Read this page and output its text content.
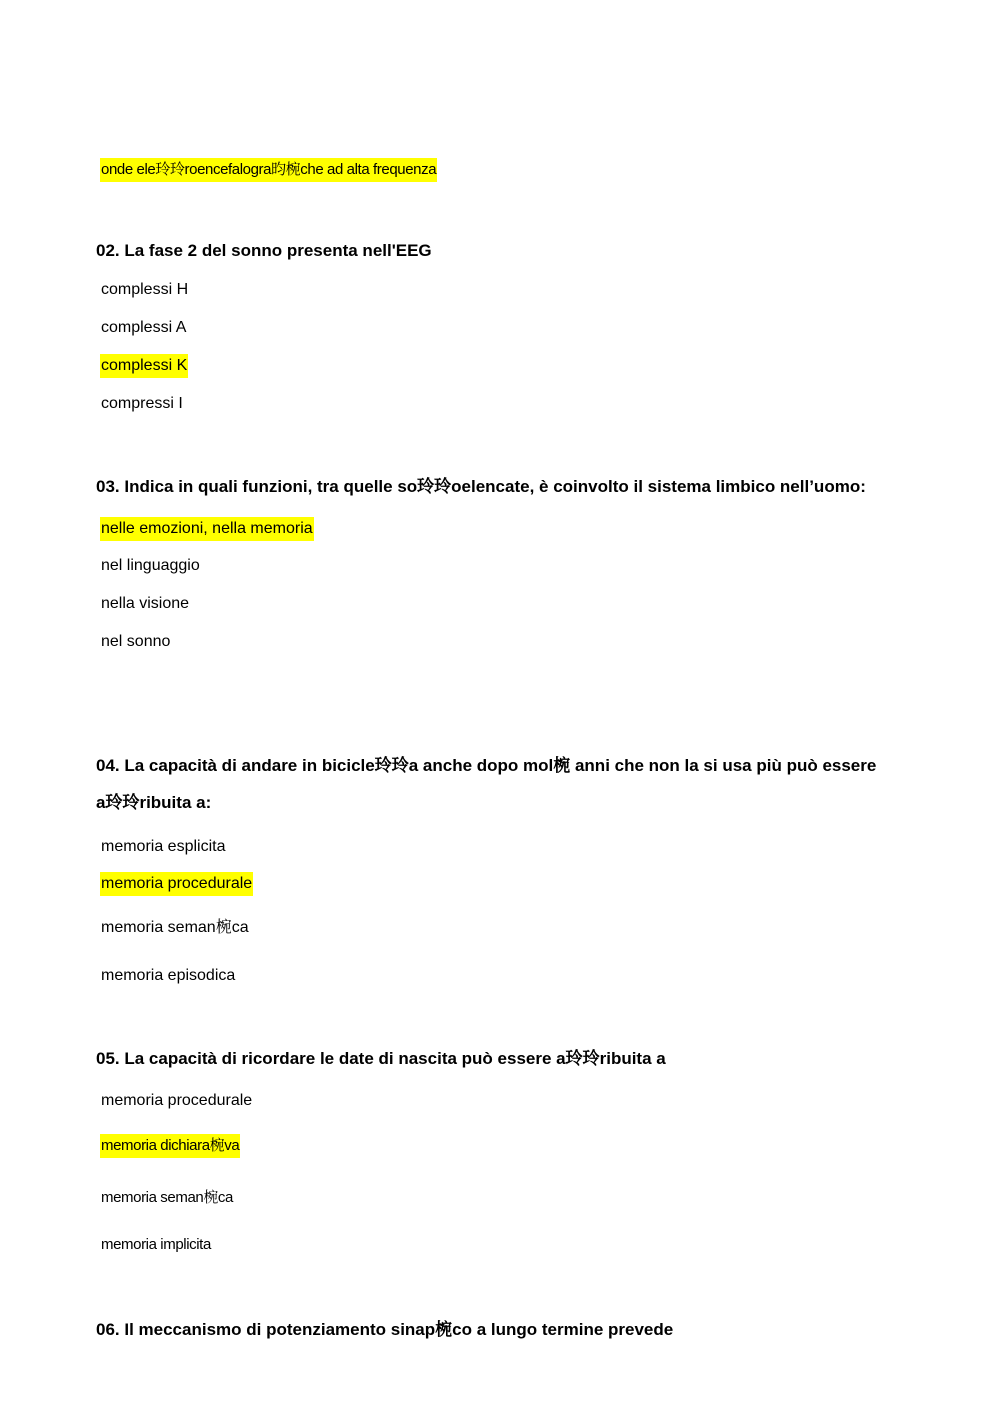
onde ele玲玲roencefalogra昀椀che ad alta frequenza
02. La fase 2 del sonno presenta nell'EEG
complessi H
complessi A
complessi K
compressi I
03. Indica in quali funzioni, tra quelle so玲玲oelencate, è coinvolto il sistema limbico nell’uomo:
nelle emozioni, nella memoria
nel linguaggio
nella visione
nel sonno
04. La capacità di andare in bicicle玲玲a anche dopo mol椀 anni che non la si usa più può essere
a玲玲ribuita a:
memoria esplicita
memoria procedurale
memoria seman椀ca
memoria episodica
05. La capacità di ricordare le date di nascita può essere a玲玲ribuita a
memoria procedurale
memoria dichiara椀va
memoria seman椀ca
memoria implicita
06. Il meccanismo di potenziamento sinap椀co a lungo termine prevede
